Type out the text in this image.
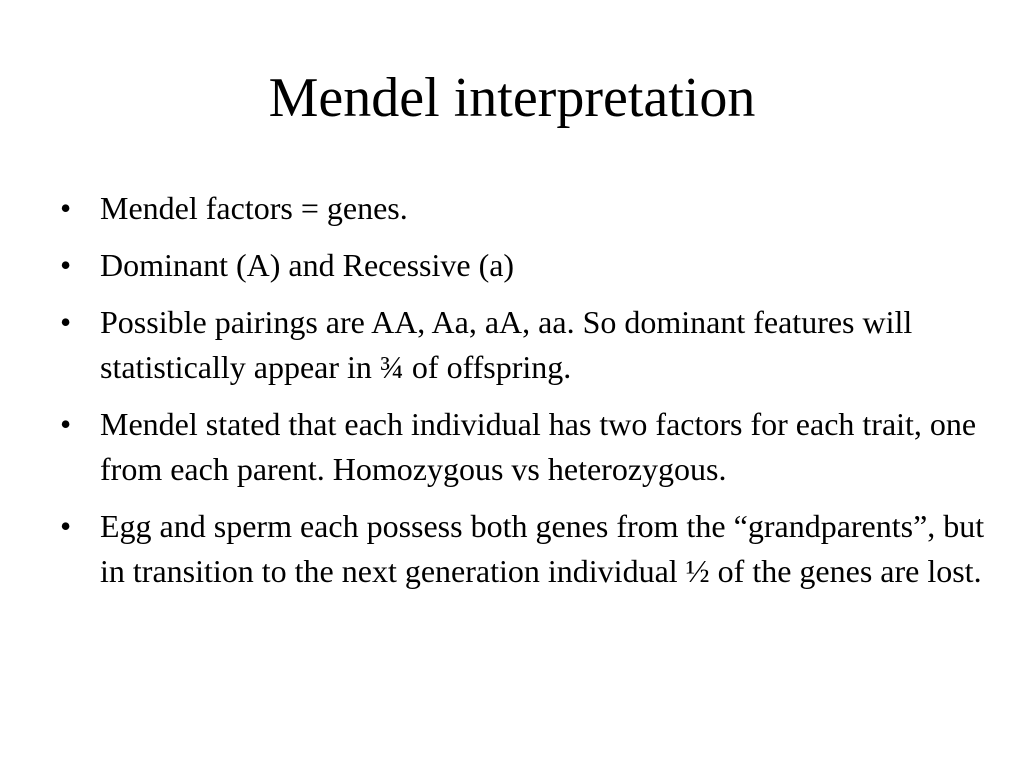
Mendel interpretation
• Mendel factors = genes.
• Dominant (A) and Recessive (a)
• Possible pairings are AA, Aa, aA, aa. So dominant features will statistically appear in ¾ of offspring.
• Mendel stated that each individual has two factors for each trait, one from each parent. Homozygous vs heterozygous.
• Egg and sperm each possess both genes from the “grandparents”, but in transition to the next generation individual ½ of the genes are lost.
